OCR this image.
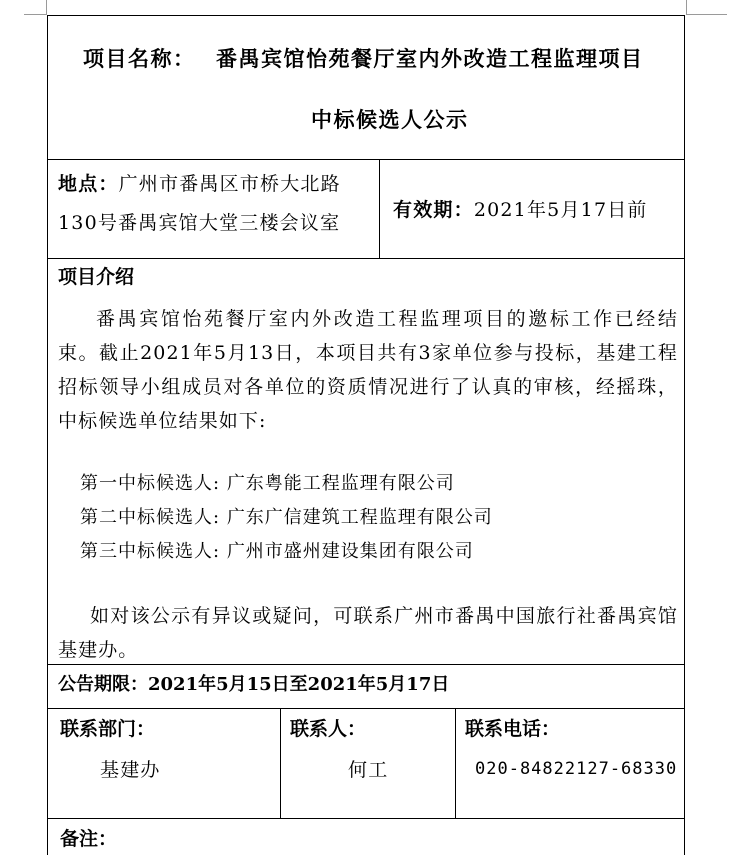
项目名称： 番禺宾馆怡苑餐厅室内外改造工程监理项目
中标候选人公示
地点：广州市番禺区市桥大北路
130号番禺宾馆大堂三楼会议室
有效期：2021年5月17日前
项目介绍
番禺宾馆怡苑餐厅室内外改造工程监理项目的邀标工作已经结束。截止2021年5月13日，本项目共有3家单位参与投标，基建工程招标领导小组成员对各单位的资质情况进行了认真的审核，经摇珠，中标候选单位结果如下:
第一中标候选人: 广东粤能工程监理有限公司
第二中标候选人: 广东广信建筑工程监理有限公司
第三中标候选人: 广州市盛州建设集团有限公司
如对该公示有异议或疑问，可联系广州市番禺中国旅行社番禺宾馆基建办。
公告期限：2021年5月15日至2021年5月17日
联系部门：
基建办
联系人：
何工
联系电话：
020-84822127-68330
备注：
